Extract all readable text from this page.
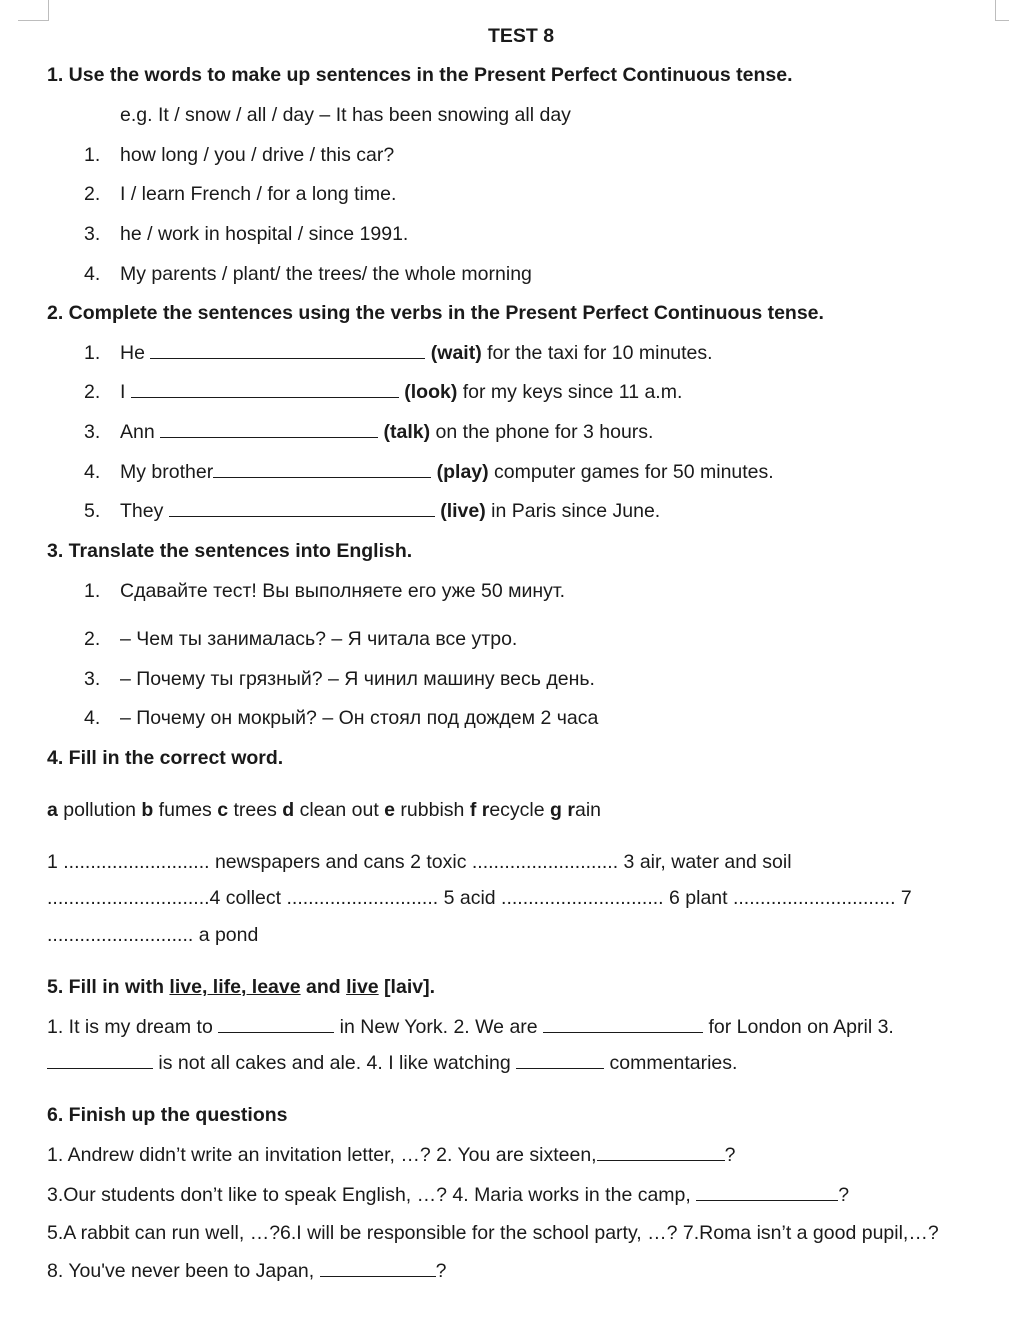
TEST 8
1. Use the words to make up sentences in the Present Perfect Continuous tense.
e.g. It / snow / all / day – It has been snowing all day
1. how long / you / drive / this car?
2. I / learn French / for a long time.
3. he / work in hospital / since 1991.
4. My parents / plant/ the trees/ the whole morning
2. Complete the sentences using the verbs in the Present Perfect Continuous tense.
1. He	(wait) for the taxi for 10 minutes.
2. I	(look) for my keys since 11 a.m.
3. Ann	(talk) on the phone for 3 hours.
4. My brother	(play) computer games for 50 minutes.
5. They	(live) in Paris since June.
3. Translate the sentences into English.
1. Сдавайте тест! Вы выполняете его уже 50 минут.
2. – Чем ты занималась? – Я читала все утро.
3. – Почему ты грязный? – Я чинил машину весь день.
4. – Почему он мокрый? – Он стоял под дождем 2 часа
4. Fill in the correct word.
a pollution b fumes c trees d clean out e rubbish f recycle g rain
1 ........................... newspapers and cans 2 toxic ........................... 3 air, water and soil
..............................4 collect ............................ 5 acid .............................. 6 plant .............................. 7
........................... a pond
5. Fill in with live, life, leave and live [laiv].
1. It is my dream to	in New York. 2. We are	for London on April 3.
is not all cakes and ale. 4. I like watching	commentaries.
6. Finish up the questions
1. Andrew didn’t write an invitation letter, …? 2. You are sixteen,	?
3.Our students don’t like to speak English, …? 4. Maria works in the camp,	?
5.A rabbit can run well, …?6.I will be responsible for the school party, …? 7.Roma isn’t a good pupil,…?
8. You've never been to Japan,	?
